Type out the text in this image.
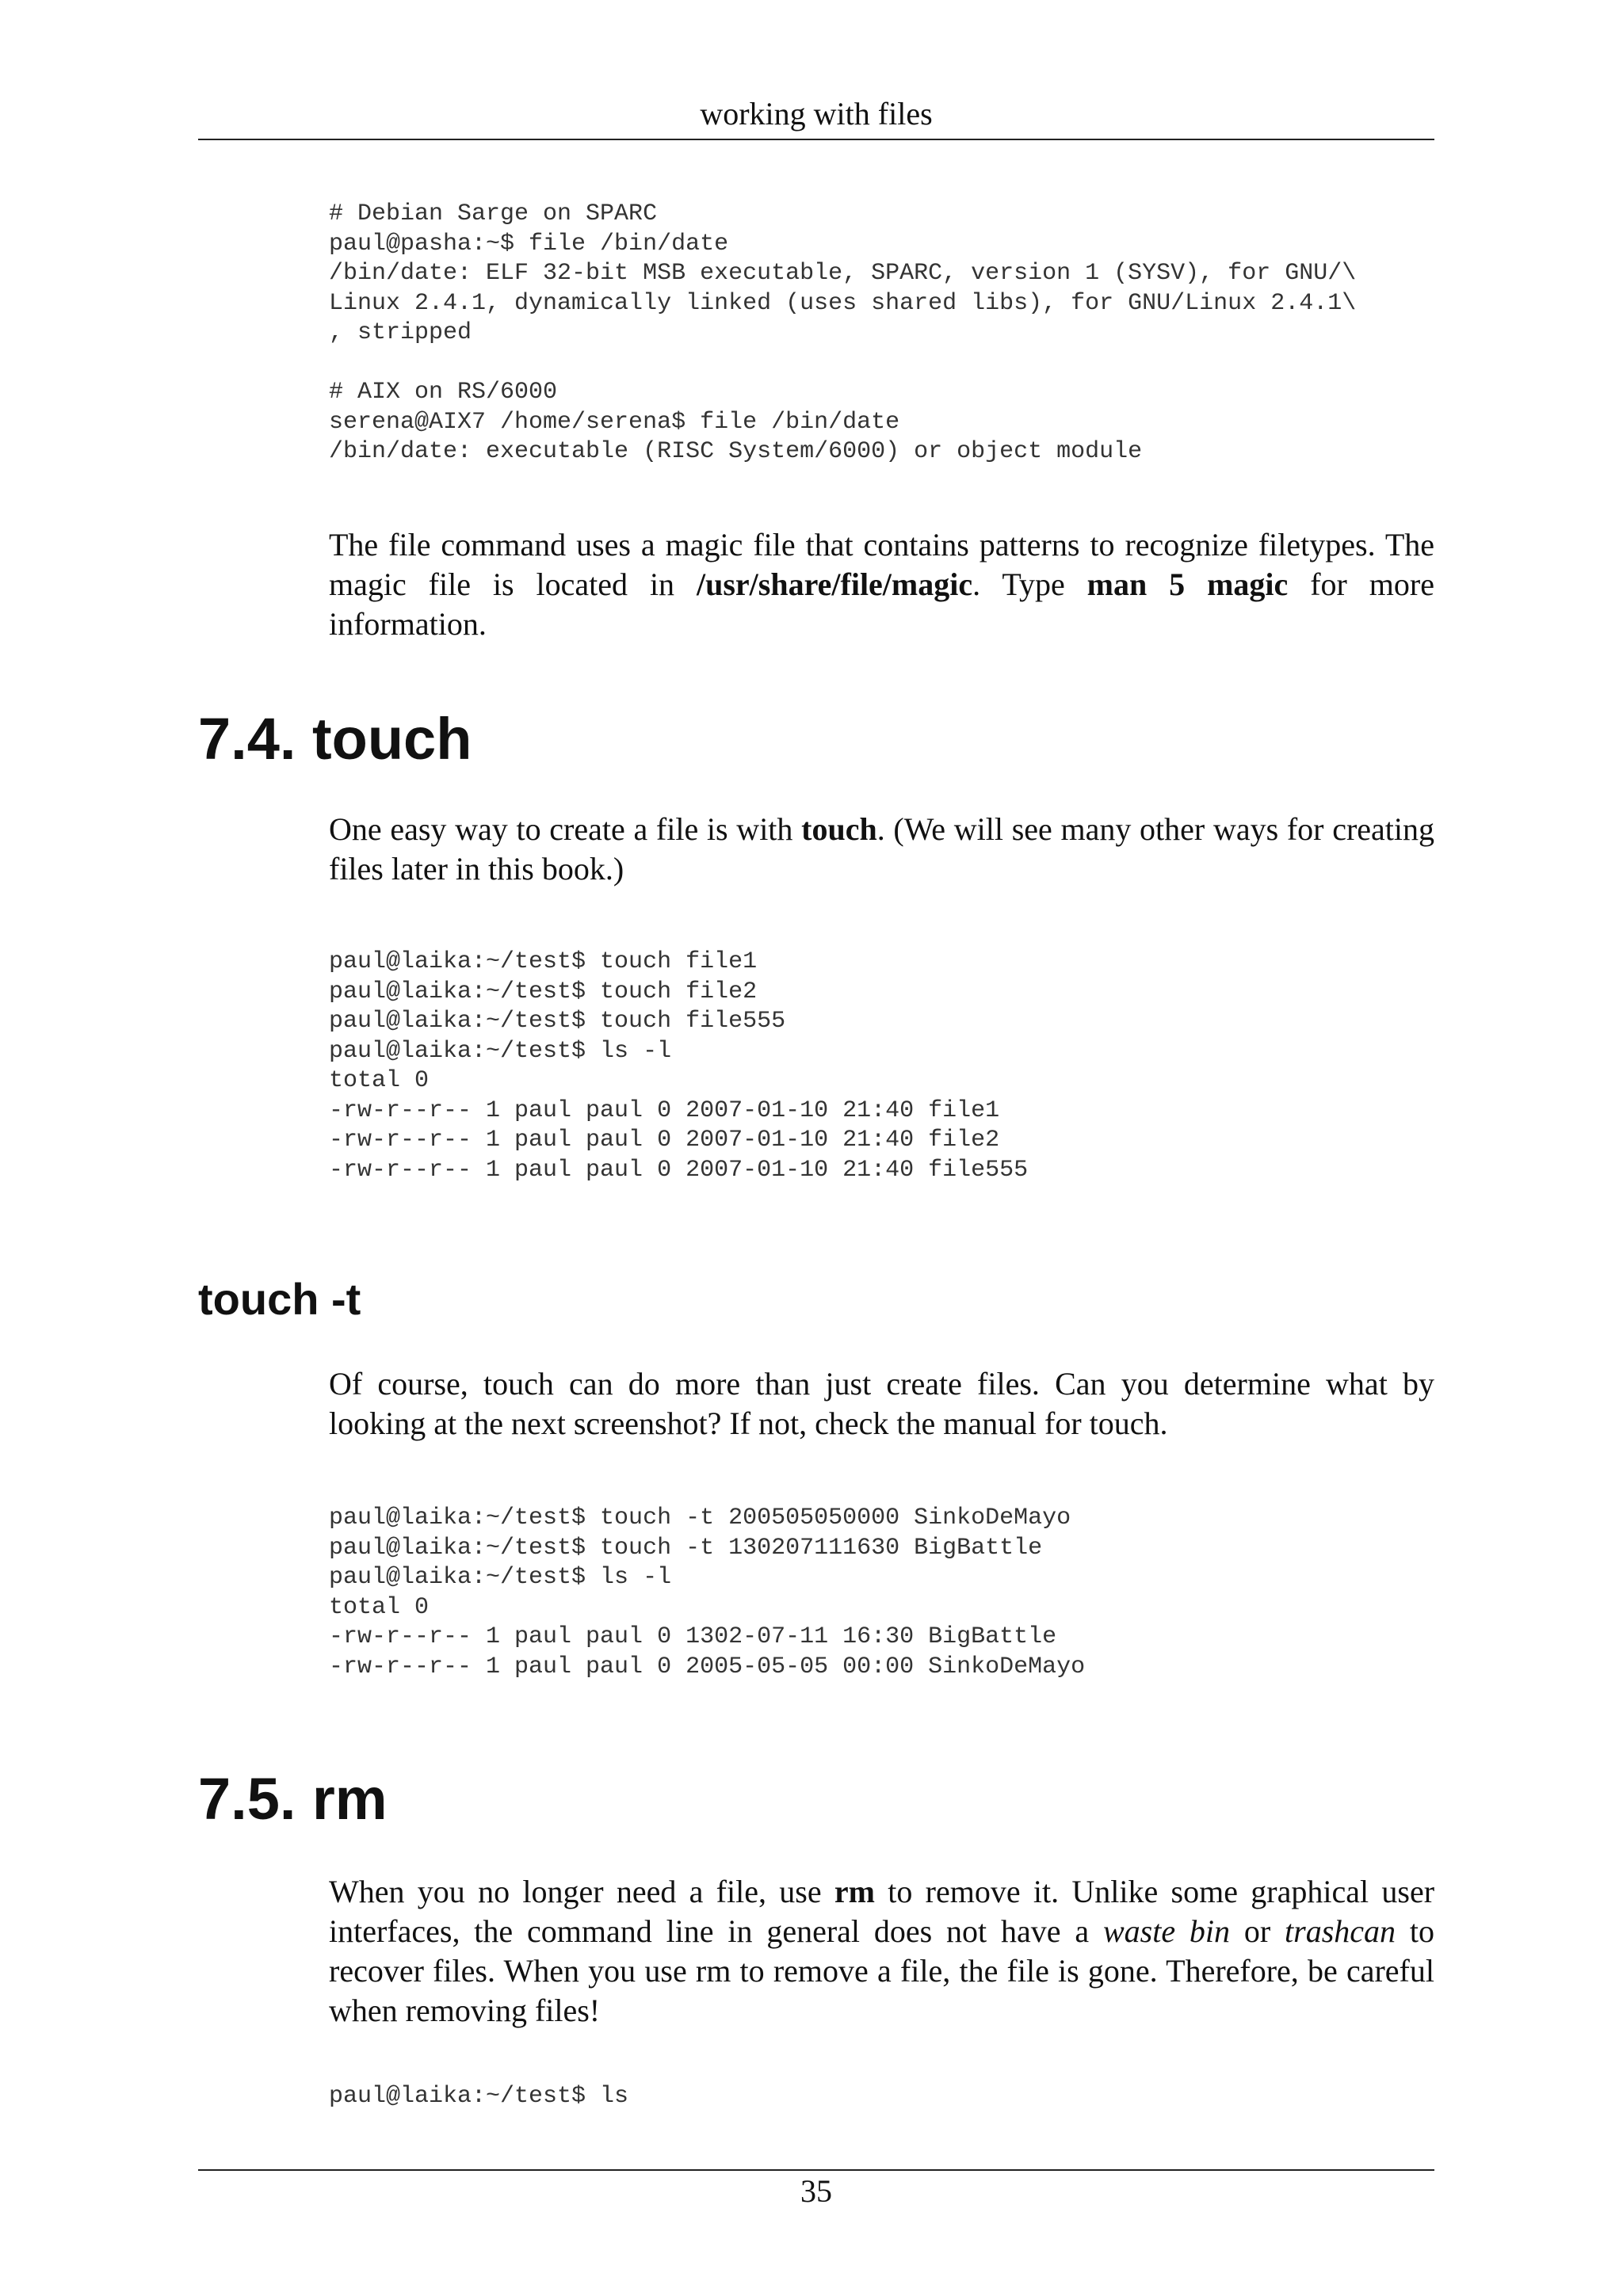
working with files
# Debian Sarge on SPARC
paul@pasha:~$ file /bin/date
/bin/date: ELF 32-bit MSB executable, SPARC, version 1 (SYSV), for GNU/\
Linux 2.4.1, dynamically linked (uses shared libs), for GNU/Linux 2.4.1\
, stripped

# AIX on RS/6000
serena@AIX7 /home/serena$ file /bin/date
/bin/date: executable (RISC System/6000) or object module

The file command uses a magic file that contains patterns to recognize filetypes. The magic file is located in /usr/share/file/magic. Type man 5 magic for more information.

7.4. touch

One easy way to create a file is with touch. (We will see many other ways for creating files later in this book.)

paul@laika:~/test$ touch file1
paul@laika:~/test$ touch file2
paul@laika:~/test$ touch file555
paul@laika:~/test$ ls -l
total 0
-rw-r--r-- 1 paul paul 0 2007-01-10 21:40 file1
-rw-r--r-- 1 paul paul 0 2007-01-10 21:40 file2
-rw-r--r-- 1 paul paul 0 2007-01-10 21:40 file555
touch -t

Of course, touch can do more than just create files. Can you determine what by looking at the next screenshot? If not, check the manual for touch.

paul@laika:~/test$ touch -t 200505050000 SinkoDeMayo
paul@laika:~/test$ touch -t 130207111630 BigBattle
paul@laika:~/test$ ls -l
total 0
-rw-r--r-- 1 paul paul 0 1302-07-11 16:30 BigBattle
-rw-r--r-- 1 paul paul 0 2005-05-05 00:00 SinkoDeMayo
7.5. rm

When you no longer need a file, use rm to remove it. Unlike some graphical user interfaces, the command line in general does not have a waste bin or trashcan to recover files. When you use rm to remove a file, the file is gone. Therefore, be careful when removing files!

paul@laika:~/test$ ls
35
